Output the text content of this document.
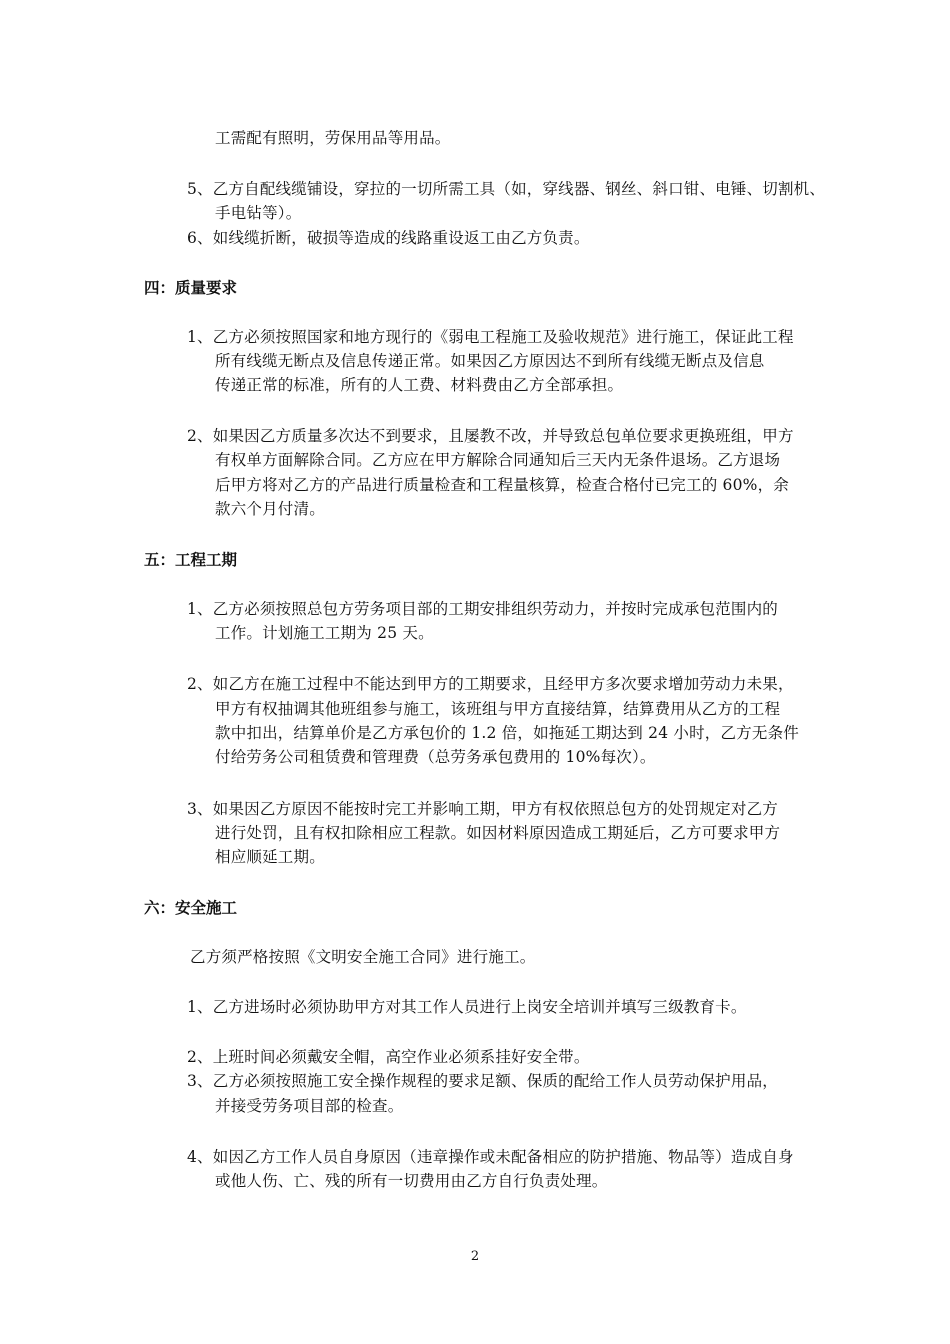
工需配有照明，劳保用品等用品。
5、乙方自配线缆铺设，穿拉的一切所需工具（如，穿线器、钢丝、斜口钳、电锤、切割机、
手电钻等）。
6、如线缆折断，破损等造成的线路重设返工由乙方负责。
四：质量要求
1、乙方必须按照国家和地方现行的《弱电工程施工及验收规范》进行施工，保证此工程
所有线缆无断点及信息传递正常。如果因乙方原因达不到所有线缆无断点及信息
传递正常的标准，所有的人工费、材料费由乙方全部承担。
2、如果因乙方质量多次达不到要求，且屡教不改，并导致总包单位要求更换班组，甲方
有权单方面解除合同。乙方应在甲方解除合同通知后三天内无条件退场。乙方退场
后甲方将对乙方的产品进行质量检查和工程量核算，检查合格付已完工的 60%，余
款六个月付清。
五：工程工期
1、乙方必须按照总包方劳务项目部的工期安排组织劳动力，并按时完成承包范围内的
工作。计划施工工期为 25 天。
2、如乙方在施工过程中不能达到甲方的工期要求，且经甲方多次要求增加劳动力未果，
甲方有权抽调其他班组参与施工，该班组与甲方直接结算，结算费用从乙方的工程
款中扣出，结算单价是乙方承包价的 1.2 倍，如拖延工期达到 24 小时，乙方无条件
付给劳务公司租赁费和管理费（总劳务承包费用的 10%每次）。
3、如果因乙方原因不能按时完工并影响工期，甲方有权依照总包方的处罚规定对乙方
进行处罚，且有权扣除相应工程款。如因材料原因造成工期延后，乙方可要求甲方
相应顺延工期。
六：安全施工
乙方须严格按照《文明安全施工合同》进行施工。
1、乙方进场时必须协助甲方对其工作人员进行上岗安全培训并填写三级教育卡。
2、上班时间必须戴安全帽，高空作业必须系挂好安全带。
3、乙方必须按照施工安全操作规程的要求足额、保质的配给工作人员劳动保护用品，
并接受劳务项目部的检查。
4、如因乙方工作人员自身原因（违章操作或未配备相应的防护措施、物品等）造成自身
或他人伤、亡、残的所有一切费用由乙方自行负责处理。
2
